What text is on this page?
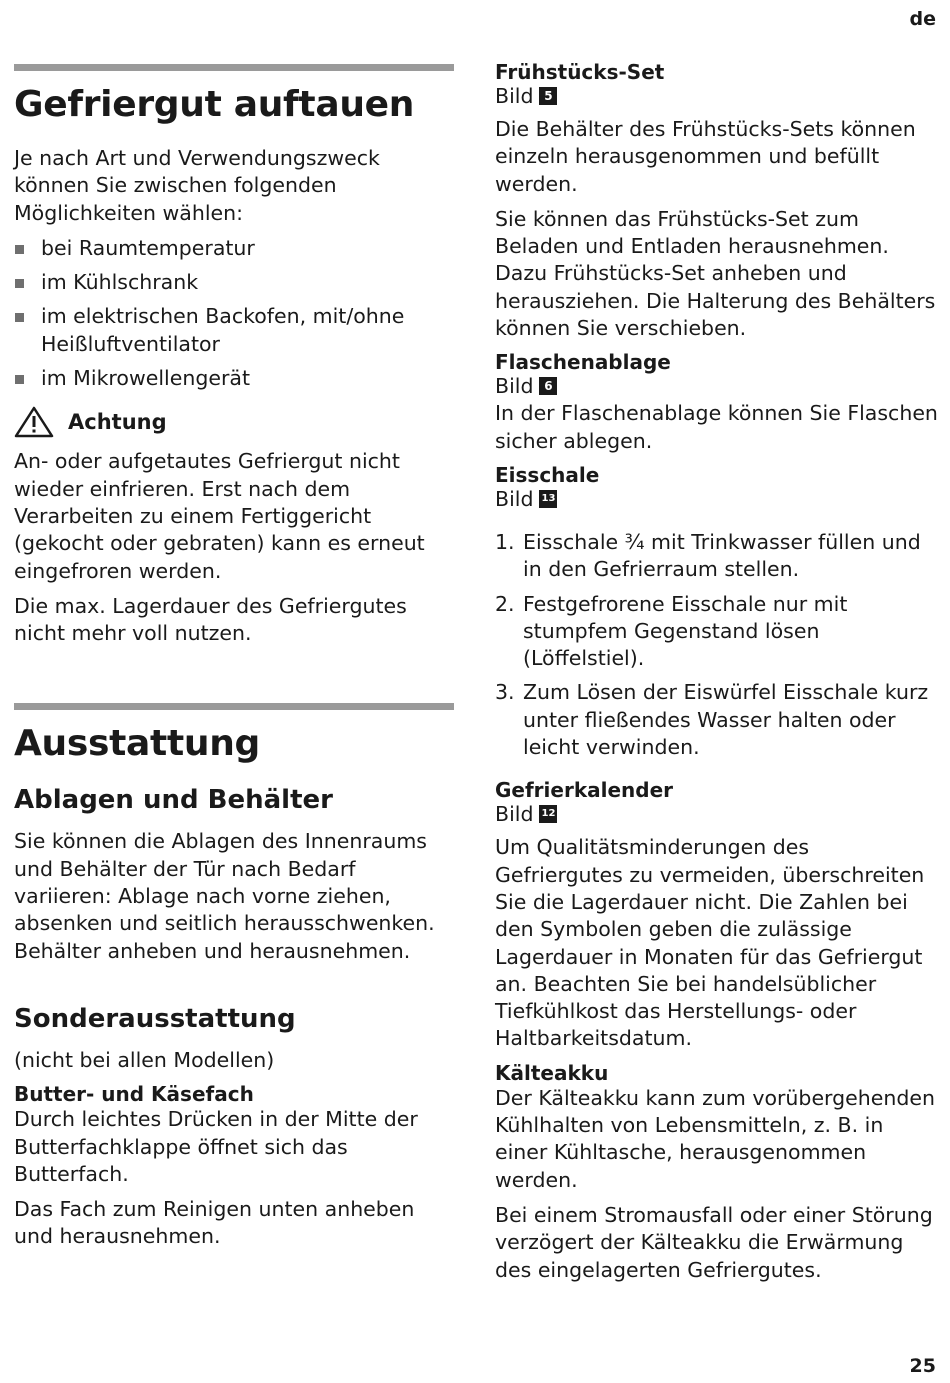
de
Gefriergut auftauen

Je nach Art und Verwendungszweck können Sie zwischen folgenden Möglichkeiten wählen:

bei Raumtemperatur
im Kühlschrank
im elektrischen Backofen, mit/ohne Heißluftventilator
im Mikrowellengerät
Achtung

An- oder aufgetautes Gefriergut nicht wieder einfrieren. Erst nach dem Verarbeiten zu einem Fertiggericht (gekocht oder gebraten) kann es erneut eingefroren werden.

Die max. Lagerdauer des Gefriergutes nicht mehr voll nutzen.

Ausstattung
Ablagen und Behälter

Sie können die Ablagen des Innenraums und Behälter der Tür nach Bedarf variieren: Ablage nach vorne ziehen, absenken und seitlich herausschwenken. Behälter anheben und herausnehmen.

Sonderausstattung

(nicht bei allen Modellen)

Butter- und Käsefach

Durch leichtes Drücken in der Mitte der Butterfachklappe öffnet sich das Butterfach.

Das Fach zum Reinigen unten anheben und herausnehmen.

Frühstücks-Set
Bild 5

Die Behälter des Frühstücks-Sets können einzeln herausgenommen und befüllt werden.

Sie können das Frühstücks-Set zum Beladen und Entladen herausnehmen. Dazu Frühstücks-Set anheben und herausziehen. Die Halterung des Behälters können Sie verschieben.

Flaschenablage
Bild 6

In der Flaschenablage können Sie Flaschen sicher ablegen.

Eisschale
Bild 13
1. Eisschale ¾ mit Trinkwasser füllen und in den Gefrierraum stellen.
2. Festgefrorene Eisschale nur mit stumpfem Gegenstand lösen (Löffelstiel).
3. Zum Lösen der Eiswürfel Eisschale kurz unter fließendes Wasser halten oder leicht verwinden.
Gefrierkalender
Bild 12

Um Qualitätsminderungen des Gefriergutes zu vermeiden, überschreiten Sie die Lagerdauer nicht. Die Zahlen bei den Symbolen geben die zulässige Lagerdauer in Monaten für das Gefriergut an. Beachten Sie bei handelsüblicher Tiefkühlkost das Herstellungs- oder Haltbarkeitsdatum.

Kälteakku

Der Kälteakku kann zum vorübergehenden Kühlhalten von Lebensmitteln, z. B. in einer Kühltasche, herausgenommen werden.

Bei einem Stromausfall oder einer Störung verzögert der Kälteakku die Erwärmung des eingelagerten Gefriergutes.

25
